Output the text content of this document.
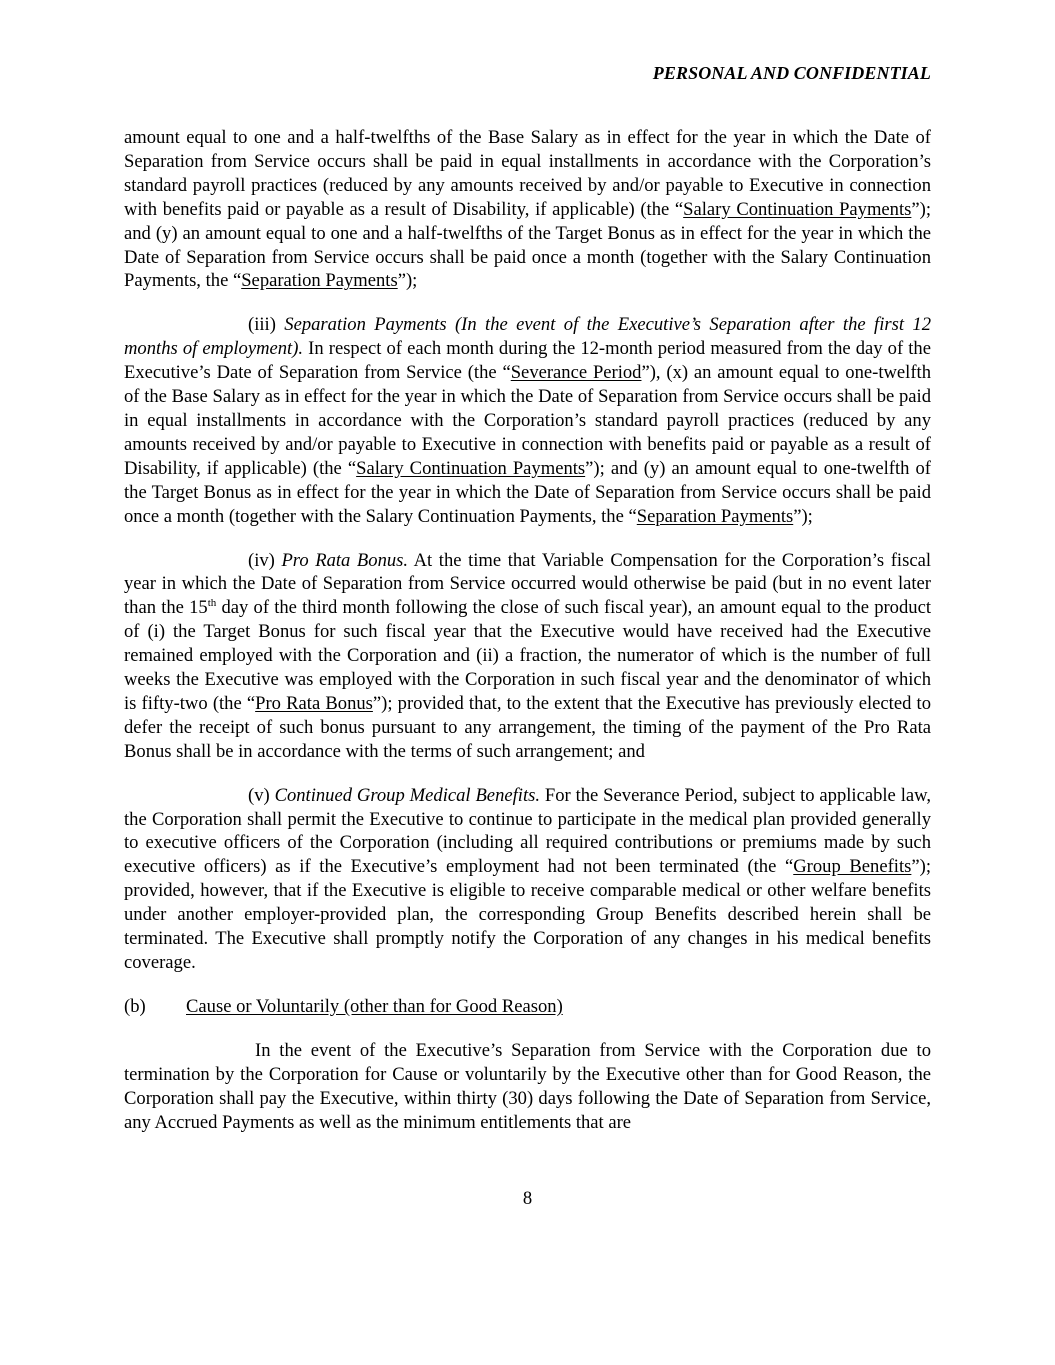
PERSONAL AND CONFIDENTIAL

amount equal to one and a half-twelfths of the Base Salary as in effect for the year in which the Date of Separation from Service occurs shall be paid in equal installments in accordance with the Corporation’s standard payroll practices (reduced by any amounts received by and/or payable to Executive in connection with benefits paid or payable as a result of Disability, if applicable) (the “Salary Continuation Payments”); and (y) an amount equal to one and a half-twelfths of the Target Bonus as in effect for the year in which the Date of Separation from Service occurs shall be paid once a month (together with the Salary Continuation Payments, the “Separation Payments”);

(iii) Separation Payments (In the event of the Executive’s Separation after the first 12 months of employment). In respect of each month during the 12-month period measured from the day of the Executive’s Date of Separation from Service (the “Severance Period”), (x) an amount equal to one-twelfth of the Base Salary as in effect for the year in which the Date of Separation from Service occurs shall be paid in equal installments in accordance with the Corporation’s standard payroll practices (reduced by any amounts received by and/or payable to Executive in connection with benefits paid or payable as a result of Disability, if applicable) (the “Salary Continuation Payments”); and (y) an amount equal to one-twelfth of the Target Bonus as in effect for the year in which the Date of Separation from Service occurs shall be paid once a month (together with the Salary Continuation Payments, the “Separation Payments”);

(iv) Pro Rata Bonus. At the time that Variable Compensation for the Corporation’s fiscal year in which the Date of Separation from Service occurred would otherwise be paid (but in no event later than the 15th day of the third month following the close of such fiscal year), an amount equal to the product of (i) the Target Bonus for such fiscal year that the Executive would have received had the Executive remained employed with the Corporation and (ii) a fraction, the numerator of which is the number of full weeks the Executive was employed with the Corporation in such fiscal year and the denominator of which is fifty-two (the “Pro Rata Bonus”); provided that, to the extent that the Executive has previously elected to defer the receipt of such bonus pursuant to any arrangement, the timing of the payment of the Pro Rata Bonus shall be in accordance with the terms of such arrangement; and

(v) Continued Group Medical Benefits. For the Severance Period, subject to applicable law, the Corporation shall permit the Executive to continue to participate in the medical plan provided generally to executive officers of the Corporation (including all required contributions or premiums made by such executive officers) as if the Executive’s employment had not been terminated (the “Group Benefits”); provided, however, that if the Executive is eligible to receive comparable medical or other welfare benefits under another employer-provided plan, the corresponding Group Benefits described herein shall be terminated. The Executive shall promptly notify the Corporation of any changes in his medical benefits coverage.

(b) Cause or Voluntarily (other than for Good Reason)

In the event of the Executive’s Separation from Service with the Corporation due to termination by the Corporation for Cause or voluntarily by the Executive other than for Good Reason, the Corporation shall pay the Executive, within thirty (30) days following the Date of Separation from Service, any Accrued Payments as well as the minimum entitlements that are

8
